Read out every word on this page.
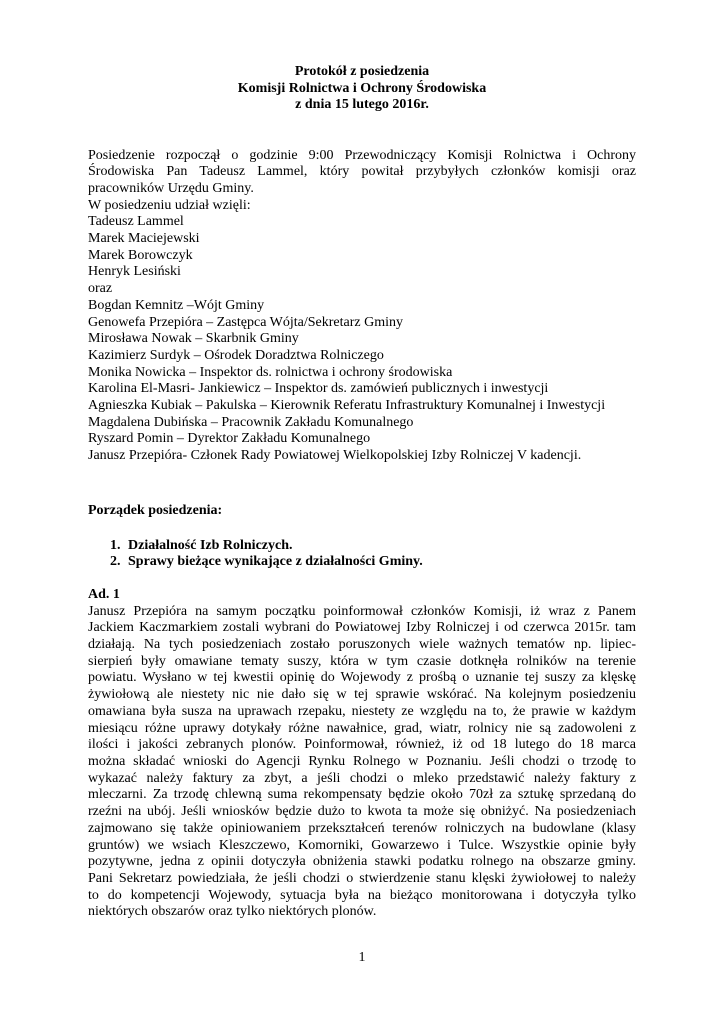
Protokół z posiedzenia
Komisji Rolnictwa i Ochrony Środowiska
z dnia 15 lutego 2016r.
Posiedzenie rozpoczął o godzinie 9:00 Przewodniczący Komisji Rolnictwa i Ochrony
Środowiska Pan Tadeusz Lammel, który powitał przybyłych członków komisji oraz
pracowników Urzędu Gminy.
W posiedzeniu udział wzięli:
Tadeusz Lammel
Marek Maciejewski
Marek Borowczyk
Henryk Lesiński
oraz
Bogdan Kemnitz –Wójt Gminy
Genowefa Przepióra – Zastępca Wójta/Sekretarz Gminy
Mirosława Nowak – Skarbnik Gminy
Kazimierz Surdyk – Ośrodek Doradztwa Rolniczego
Monika Nowicka – Inspektor ds. rolnictwa i ochrony środowiska
Karolina El-Masri- Jankiewicz – Inspektor ds. zamówień publicznych i inwestycji
Agnieszka Kubiak – Pakulska – Kierownik Referatu Infrastruktury Komunalnej i Inwestycji
Magdalena Dubińska – Pracownik Zakładu Komunalnego
Ryszard Pomin – Dyrektor Zakładu Komunalnego
Janusz Przepióra- Członek Rady Powiatowej Wielkopolskiej Izby Rolniczej V kadencji.
Porządek posiedzenia:
1. Działalność Izb Rolniczych.
2. Sprawy bieżące wynikające z działalności Gminy.
Ad. 1
Janusz Przepióra na samym początku poinformował członków Komisji, iż wraz z Panem
Jackiem Kaczmarkiem zostali wybrani do Powiatowej Izby Rolniczej i od czerwca 2015r. tam
działają. Na tych posiedzeniach zostało poruszonych wiele ważnych tematów np. lipiec-
sierpień były omawiane tematy suszy, która w tym czasie dotknęła rolników na terenie
powiatu. Wysłano w tej kwestii opinię do Wojewody z prośbą o uznanie tej suszy za klęskę
żywiołową ale niestety nic nie dało się w tej sprawie wskórać. Na kolejnym posiedzeniu
omawiana była susza na uprawach rzepaku, niestety ze względu na to, że prawie w każdym
miesiącu różne uprawy dotykały różne nawałnice, grad, wiatr, rolnicy nie są zadowoleni z
ilości i jakości zebranych plonów. Poinformował, również, iż od 18 lutego do 18 marca
można składać wnioski do Agencji Rynku Rolnego w Poznaniu. Jeśli chodzi o trzodę to
wykazać należy faktury za zbyt, a jeśli chodzi o mleko przedstawić należy faktury z
mleczarni. Za trzodę chlewną suma rekompensaty będzie około 70zł za sztukę sprzedaną do
rzeźni na ubój. Jeśli wniosków będzie dużo to kwota ta może się obniżyć. Na posiedzeniach
zajmowano się także opiniowaniem przekształceń terenów rolniczych na budowlane (klasy
gruntów) we wsiach Kleszczewo, Komorniki, Gowarzewo i Tulce. Wszystkie opinie były
pozytywne, jedna z opinii dotyczyła obniżenia stawki podatku rolnego na obszarze gminy.
Pani Sekretarz powiedziała, że jeśli chodzi o stwierdzenie stanu klęski żywiołowej to należy
to do kompetencji Wojewody, sytuacja była na bieżąco monitorowana i dotyczyła tylko
niektórych obszarów oraz tylko niektórych plonów.
1
